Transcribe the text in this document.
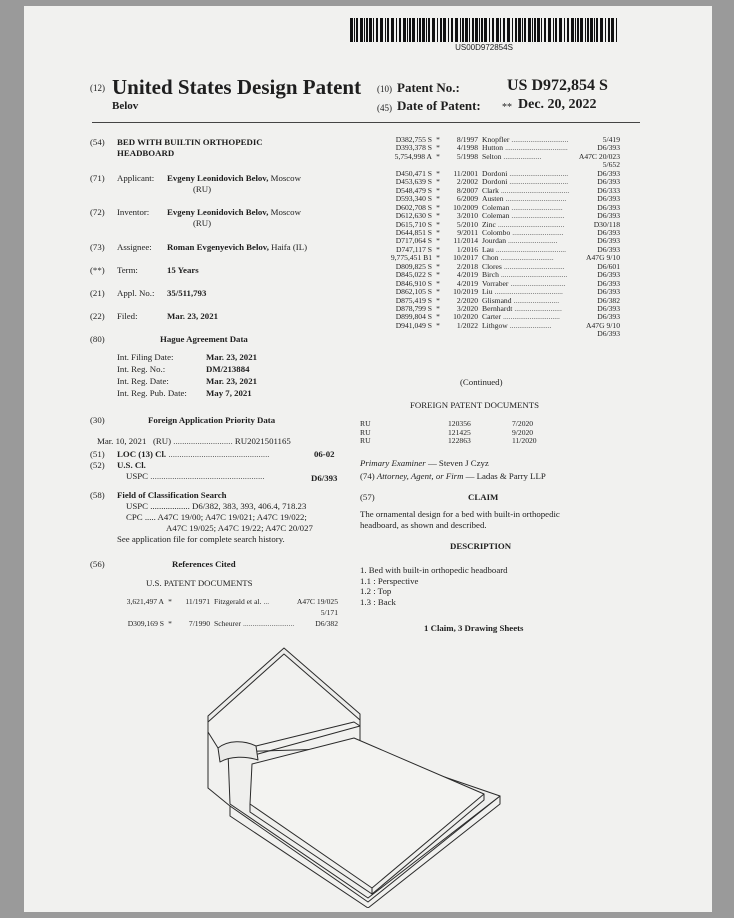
US00D972854S
(12) United States Design Patent
Belov
(10) Patent No.:	US D972,854 S
(45) Date of Patent: ** Dec. 20, 2022
(54) BED WITH BUILTIN ORTHOPEDIC
HEADBOARD
(71) Applicant: Evgeny Leonidovich Belov, Moscow
(RU)
(72) Inventor: Evgeny Leonidovich Belov, Moscow
(RU)
(73) Assignee: Roman Evgenyevich Belov, Haifa (IL)
(**) Term:	15 Years
(21) Appl. No.: 35/511,793
(22) Filed:	Mar. 23, 2021
(80)	Hague Agreement Data
Int. Filing Date:	Mar. 23, 2021
Int. Reg. No.:	DM/213884
Int. Reg. Date:	Mar. 23, 2021
Int. Reg. Pub. Date: May 7, 2021
(30)	Foreign Application Priority Data
Mar. 10, 2021 (RU) ........................... RU2021501165
(51) LOC (13) Cl. ..............................................	06-02
(52) U.S. Cl.
USPC ....................................................	D6/393
(58) Field of Classification Search
USPC .................. D6/382, 383, 393, 406.4, 718.23
CPC ..... A47C 19/00; A47C 19/021; A47C 19/022;
A47C 19/025; A47C 19/22; A47C 20/027
See application file for complete search history.
(56)	References Cited
U.S. PATENT DOCUMENTS
3,621,497 A * 11/1971 Fitzgerald et al. ...	A47C 19/025
5/171
D309,169 S * 7/1990 Scheurer ...........................	D6/382
D382,755 S * 8/1997 Knopfler ..............................	5/419
D393,378 S * 4/1998 Hutton .................................	D6/393
5,754,998 A * 5/1998 Selton ....................	A47C 20/023
5/652
D450,471 S * 11/2001 Dordoni ...............................	D6/393
D453,639 S * 2/2002 Dordoni ...............................	D6/393
D548,479 S * 8/2007 Clark ....................................	D6/333
D593,340 S * 6/2009 Austen ................................	D6/393
D602,708 S * 10/2009 Coleman ...........................	D6/393
D612,630 S * 3/2010 Coleman ............................	D6/393
D615,710 S * 5/2010 Zinc ...................................	D30/118
D644,851 S * 9/2011 Colombo ...........................	D6/393
D717,064 S * 11/2014 Jourdan ..........................	D6/393
D747,117 S * 1/2016 Lau .....................................	D6/393
9,775,451 B1 * 10/2017 Chon ............................	A47G 9/10
D809,825 S * 2/2018 Clores ................................	D6/601
D845,022 S * 4/2019 Birch ...................................	D6/393
D846,910 S * 4/2019 Vorraber .............................	D6/393
D862,105 S * 10/2019 Liu ....................................	D6/393
D875,419 S * 2/2020 Glismand ........................	D6/382
D878,799 S * 3/2020 Bernhardt .........................	D6/393
D899,804 S * 10/2020 Carter ..............................	D6/393
D941,049 S * 1/2022 Lithgow ......................	A47G 9/10
D6/393
(Continued)
FOREIGN PATENT DOCUMENTS
RU	120356	7/2020
RU	121425	9/2020
RU	122863	11/2020
Primary Examiner — Steven J Czyz
(74) Attorney, Agent, or Firm — Ladas & Parry LLP
(57)	CLAIM
The ornamental design for a bed with built-in orthopedic
headboard, as shown and described.
DESCRIPTION
1. Bed with built-in orthopedic headboard
1.1 : Perspective
1.2 : Top
1.3 : Back
1 Claim, 3 Drawing Sheets
